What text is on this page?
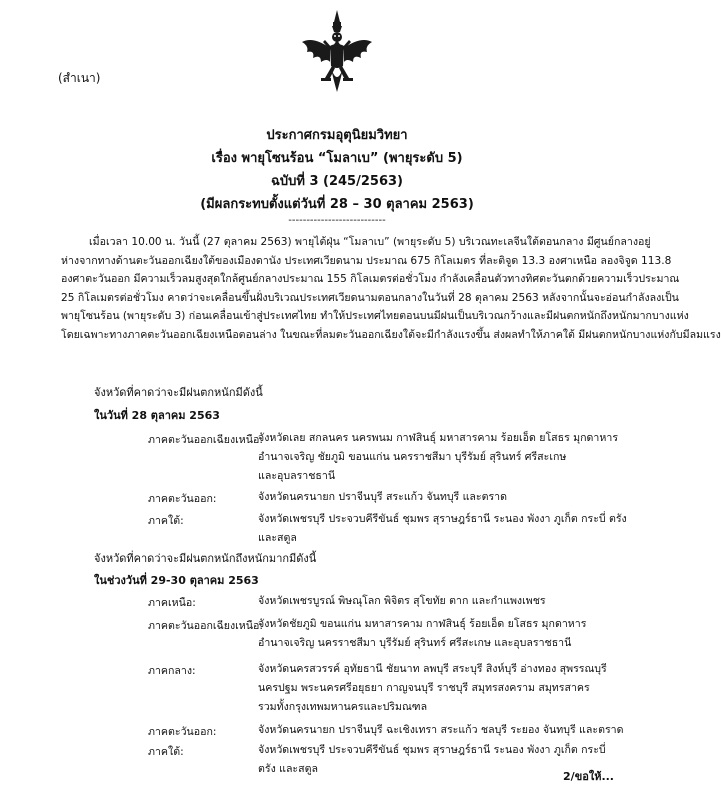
(สำเนา)
ประกาศกรมอุตุนิยมวิทยา
เรื่อง พายุโซนร้อน “โมลาเบ” (พายุระดับ 5)
ฉบับที่ 3 (245/2563)
(มีผลกระทบตั้งแต่วันที่ 28 – 30 ตุลาคม 2563)
---------------------------
เมื่อเวลา 10.00 น. วันนี้ (27 ตุลาคม 2563) พายุไต้ฝุ่น “โมลาเบ” (พายุระดับ 5) บริเวณทะเลจีนใต้ตอนกลาง มีศูนย์กลางอยู่
ห่างจากทางด้านตะวันออกเฉียงใต้ของเมืองดานัง ประเทศเวียดนาม ประมาณ 675 กิโลเมตร ที่ละติจูด 13.3 องศาเหนือ ลองจิจูด 113.8
องศาตะวันออก มีความเร็วลมสูงสุดใกล้ศูนย์กลางประมาณ 155 กิโลเมตรต่อชั่วโมง กำลังเคลื่อนตัวทางทิศตะวันตกด้วยความเร็วประมาณ
25 กิโลเมตรต่อชั่วโมง คาดว่าจะเคลื่อนขึ้นฝั่งบริเวณประเทศเวียดนามตอนกลางในวันที่ 28 ตุลาคม 2563 หลังจากนั้นจะอ่อนกำลังลงเป็น
พายุโซนร้อน (พายุระดับ 3) ก่อนเคลื่อนเข้าสู่ประเทศไทย ทำให้ประเทศไทยตอนบนมีฝนเป็นบริเวณกว้างและมีฝนตกหนักถึงหนักมากบางแห่ง
โดยเฉพาะทางภาคตะวันออกเฉียงเหนือตอนล่าง ในขณะที่ลมตะวันออกเฉียงใต้จะมีกำลังแรงขึ้น ส่งผลทำให้ภาคใต้ มีฝนตกหนักบางแห่งกับมีลมแรง
จังหวัดที่คาดว่าจะมีฝนตกหนักมีดังนี้
ในวันที่ 28 ตุลาคม 2563
ภาคตะวันออกเฉียงเหนือ:
จังหวัดเลย สกลนคร นครพนม กาฬสินธุ์ มหาสารคาม ร้อยเอ็ด ยโสธร มุกดาหาร
อำนาจเจริญ ชัยภูมิ ขอนแก่น นครราชสีมา บุรีรัมย์ สุรินทร์ ศรีสะเกษ
และอุบลราชธานี
ภาคตะวันออก:	จังหวัดนครนายก ปราจีนบุรี สระแก้ว จันทบุรี และตราด
ภาคใต้:	จังหวัดเพชรบุรี ประจวบคีรีขันธ์ ชุมพร สุราษฎร์ธานี ระนอง พังงา ภูเก็ต กระบี่ ตรัง
และสตูล
จังหวัดที่คาดว่าจะมีฝนตกหนักถึงหนักมากมีดังนี้
ในช่วงวันที่ 29-30 ตุลาคม 2563
ภาคเหนือ:	จังหวัดเพชรบูรณ์ พิษณุโลก พิจิตร สุโขทัย ตาก และกำแพงเพชร
ภาคตะวันออกเฉียงเหนือ:
จังหวัดชัยภูมิ ขอนแก่น มหาสารคาม กาฬสินธุ์ ร้อยเอ็ด ยโสธร มุกดาหาร
อำนาจเจริญ นครราชสีมา บุรีรัมย์ สุรินทร์ ศรีสะเกษ และอุบลราชธานี
ภาคกลาง:	จังหวัดนครสวรรค์ อุทัยธานี ชัยนาท ลพบุรี สระบุรี สิงห์บุรี อ่างทอง สุพรรณบุรี
นครปฐม พระนครศรีอยุธยา กาญจนบุรี ราชบุรี สมุทรสงคราม สมุทรสาคร
รวมทั้งกรุงเทพมหานครและปริมณฑล
ภาคตะวันออก:	จังหวัดนครนายก ปราจีนบุรี ฉะเชิงเทรา สระแก้ว ชลบุรี ระยอง จันทบุรี และตราด
ภาคใต้:	จังหวัดเพชรบุรี ประจวบคีรีขันธ์ ชุมพร สุราษฎร์ธานี ระนอง พังงา ภูเก็ต กระบี่
ตรัง และสตูล
2/ขอให้...
